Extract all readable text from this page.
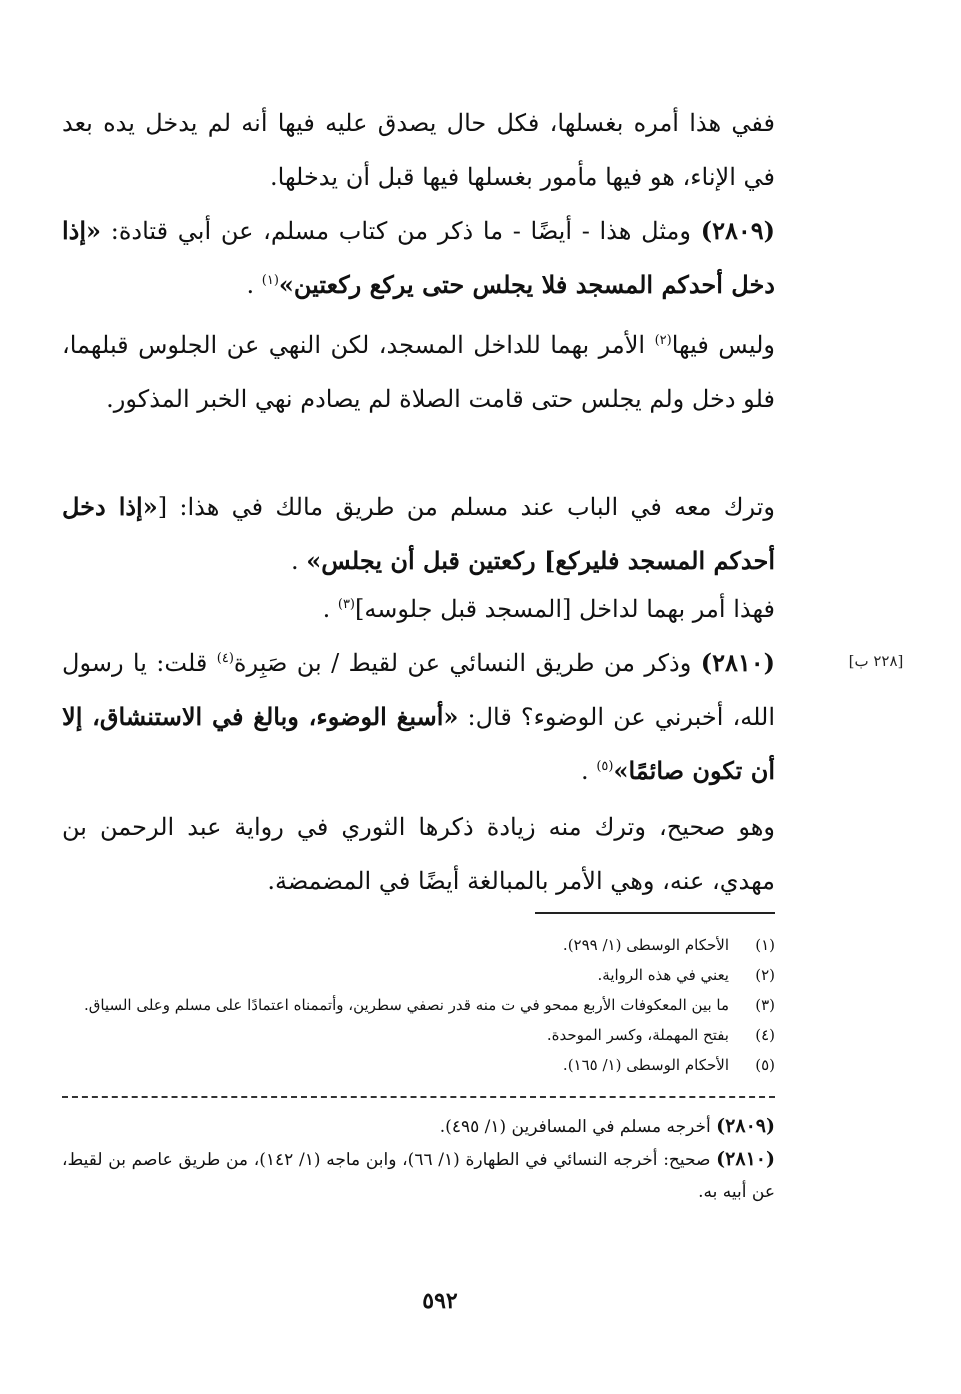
ففي هذا أمره بغسلها، فكل حال يصدق عليه فيها أنه لم يدخل يده بعد في الإناء، هو فيها مأمور بغسلها فيها قبل أن يدخلها.

(٢٨٠٩) ومثل هذا - أيضًا - ما ذكر من كتاب مسلم، عن أبي قتادة: «إذا دخل أحدكم المسجد فلا يجلس حتى يركع ركعتين»$^{(١)}$ .

وليس فيها$^{(٢)}$ الأمر بهما للداخل المسجد، لكن النهي عن الجلوس قبلهما، فلو دخل ولم يجلس حتى قامت الصلاة لم يصادم نهي الخبر المذكور.

وترك معه في الباب عند مسلم من طريق مالك في هذا: [«إذا دخل أحدكم المسجد فليركع] ركعتين قبل أن يجلس» .

فهذا أمر بهما لداخل [المسجد قبل جلوسه]$^{(٣)}$ .

[٢٢٨ ب]

(٢٨١٠) وذكر من طريق النسائي عن لقيط / بن صَبِرة$^{(٤)}$ قلت: يا رسول الله، أخبرني عن الوضوء؟ قال: «أسبغ الوضوء، وبالغ في الاستنشاق، إلا أن تكون صائمًا»$^{(٥)}$ .

وهو صحيح، وترك منه زيادة ذكرها الثوري في رواية عبد الرحمن بن مهدي، عنه، وهي الأمر بالمبالغة أيضًا في المضمضة.

(١)
الأحكام الوسطى (١/ ٢٩٩).
(٢)
يعني في هذه الرواية.
(٣)
ما بين المعكوفات الأربع ممحو في ت منه قدر نصفي سطرين، وأتممناه اعتمادًا على مسلم وعلى السياق.
(٤)
بفتح المهملة، وكسر الموحدة.
(٥)
الأحكام الوسطى (١/ ١٦٥).
(٢٨٠٩) أخرجه مسلم في المسافرين (١/ ٤٩٥).
(٢٨١٠) صحيح: أخرجه النسائي في الطهارة (١/ ٦٦)، وابن ماجه (١/ ١٤٢)، من طريق عاصم بن لقيط، عن أبيه به.
٥٩٢
